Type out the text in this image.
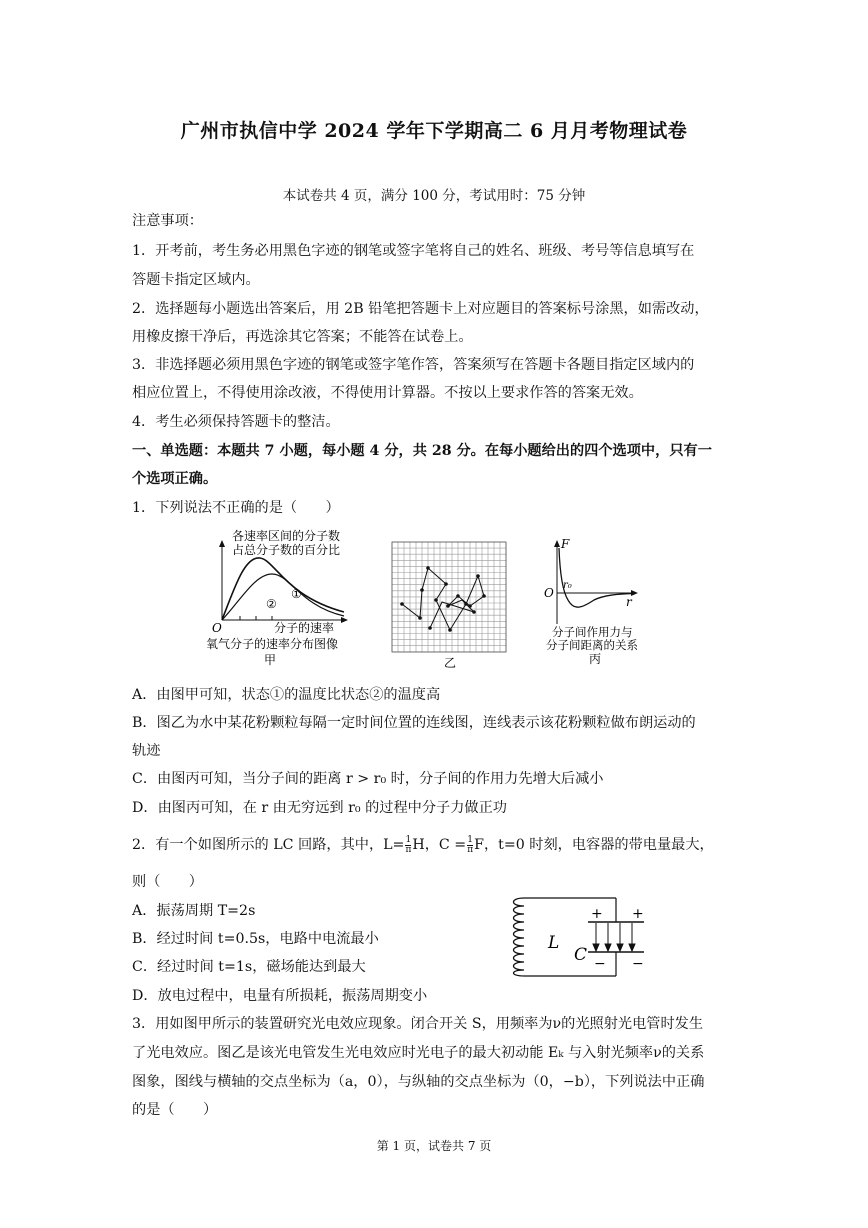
广州市执信中学 2024 学年下学期高二 6 月月考物理试卷
本试卷共 4 页，满分 100 分，考试用时：75 分钟
注意事项：
1．开考前，考生务必用黑色字迹的钢笔或签字笔将自己的姓名、班级、考号等信息填写在
答题卡指定区域内。
2．选择题每小题选出答案后，用 2B 铅笔把答题卡上对应题目的答案标号涂黑，如需改动，
用橡皮擦干净后，再选涂其它答案；不能答在试卷上。
3．非选择题必须用黑色字迹的钢笔或签字笔作答，答案须写在答题卡各题目指定区域内的
相应位置上，不得使用涂改液，不得使用计算器。不按以上要求作答的答案无效。
4．考生必须保持答题卡的整洁。
一、单选题：本题共 7 小题，每小题 4 分，共 28 分。在每小题给出的四个选项中，只有一
个选项正确。
1．下列说法不正确的是（　　）
各速率区间的分子数
占总分子数的百分比
①
②
O	分子的速率
氧气分子的速率分布图像
甲	乙
F
O
r₀
r
分子间作用力与
分子间距离的关系
丙
A．由图甲可知，状态①的温度比状态②的温度高
B．图乙为水中某花粉颗粒每隔一定时间位置的连线图，连线表示该花粉颗粒做布朗运动的
轨迹
C．由图丙可知，当分子间的距离 r > r₀ 时，分子间的作用力先增大后减小
D．由图丙可知，在 r 由无穷远到 r₀ 的过程中分子力做正功
2．有一个如图所示的 LC 回路，其中，$L= \frac{1}{\pi}$ H，$C = \frac{1}{\pi}$ F，t=0 时刻，电容器的带电量最大，
则（　　）
A．振荡周期 T=2s
B．经过时间 t=0.5s，电路中电流最小
C．经过时间 t=1s，磁场能达到最大
D．放电过程中，电量有所损耗，振荡周期变小
+ +
− −
L
C
3．用如图甲所示的装置研究光电效应现象。闭合开关 S，用频率为ν的光照射光电管时发生
了光电效应。图乙是该光电管发生光电效应时光电子的最大初动能 Eₖ 与入射光频率ν的关系
图象，图线与横轴的交点坐标为（a，0），与纵轴的交点坐标为（0，−b），下列说法中正确
的是（　　）
第 1 页，试卷共 7 页
